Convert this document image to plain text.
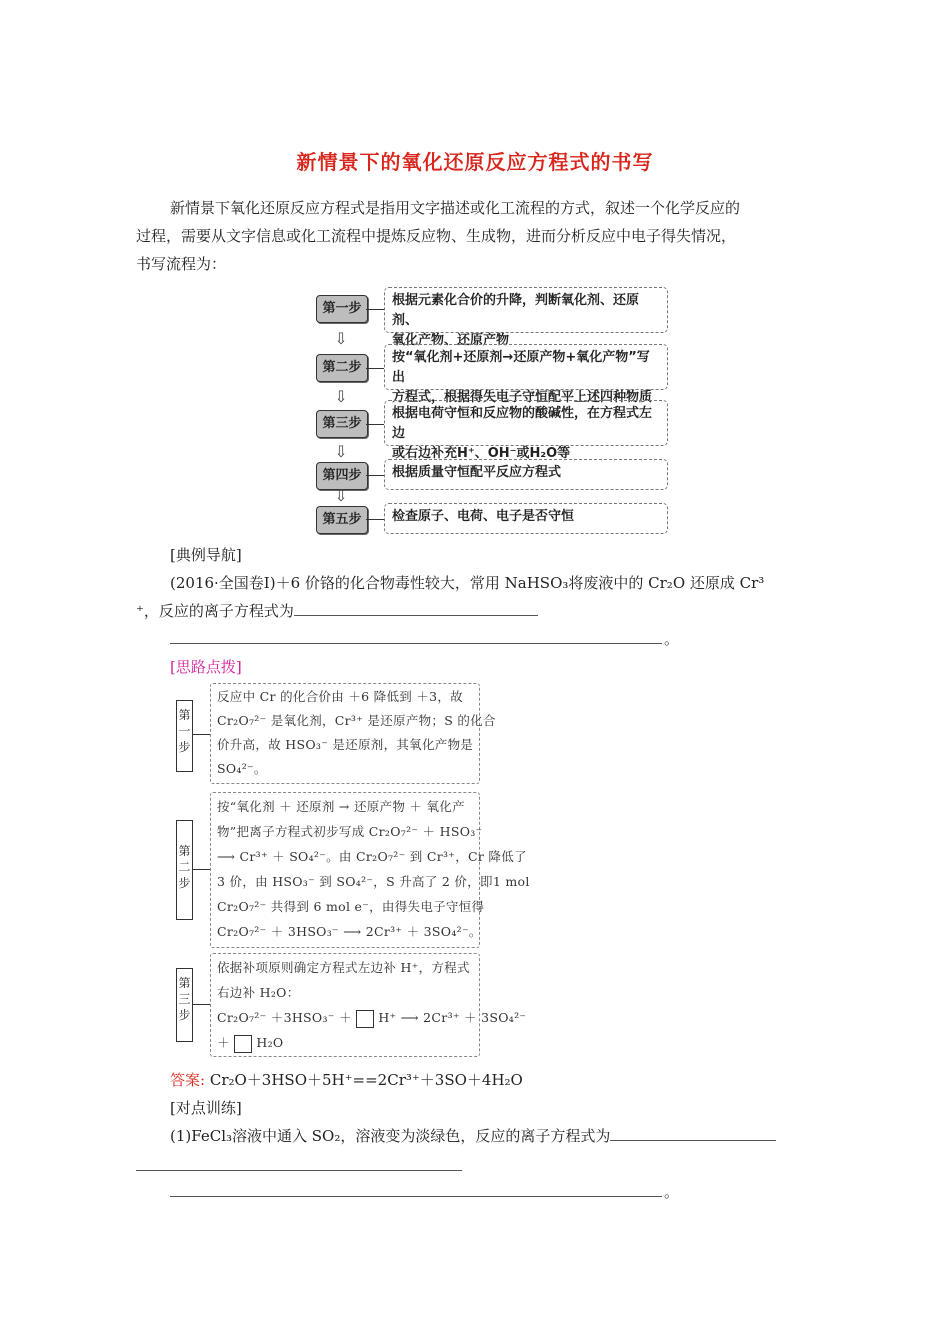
新情景下的氧化还原反应方程式的书写
新情景下氧化还原反应方程式是指用文字描述或化工流程的方式，叙述一个化学反应的
过程，需要从文字信息或化工流程中提炼反应物、生成物，进而分析反应中电子得失情况，
书写流程为：
第一步
根据元素化合价的升降，判断氧化剂、还原剂、
氧化产物、还原产物
⇩
第二步
按“氧化剂+还原剂→还原产物+氧化产物”写出
方程式，根据得失电子守恒配平上述四种物质
⇩
第三步
根据电荷守恒和反应物的酸碱性，在方程式左边
或右边补充H⁺、OH⁻或H₂O等
⇩
第四步	根据质量守恒配平反应方程式
⇩
第五步	检查原子、电荷、电子是否守恒
[典例导航]
(2016·全国卷Ⅰ)＋6 价铬的化合物毒性较大，常用 NaHSO₃将废液中的 Cr₂O 还原成 Cr³
⁺，反应的离子方程式为
。
[思路点拨]
第
一
步
反应中 Cr 的化合价由 ＋6 降低到 ＋3，故
Cr₂O₇²⁻ 是氧化剂，Cr³⁺ 是还原产物；S 的化合
价升高，故 HSO₃⁻ 是还原剂，其氧化产物是
SO₄²⁻。
第
二
步
按“氧化剂 ＋ 还原剂 → 还原产物 ＋ 氧化产
物”把离子方程式初步写成 Cr₂O₇²⁻ ＋ HSO₃⁻
⟶ Cr³⁺ ＋ SO₄²⁻。由 Cr₂O₇²⁻ 到 Cr³⁺，Cr 降低了
3 价，由 HSO₃⁻ 到 SO₄²⁻，S 升高了 2 价，即1 mol
Cr₂O₇²⁻ 共得到 6 mol e⁻，由得失电子守恒得
Cr₂O₇²⁻ ＋ 3HSO₃⁻ ⟶ 2Cr³⁺ ＋ 3SO₄²⁻。
第
三
步
依据补项原则确定方程式左边补 H⁺，方程式
右边补 H₂O：
Cr₂O₇²⁻ ＋3HSO₃⁻ ＋ H⁺ ⟶ 2Cr³⁺ ＋ 3SO₄²⁻
＋ H₂O
答案: Cr₂O＋3HSO＋5H⁺==2Cr³⁺＋3SO＋4H₂O
[对点训练]
(1)FeCl₃溶液中通入 SO₂，溶液变为淡绿色，反应的离子方程式为
。
